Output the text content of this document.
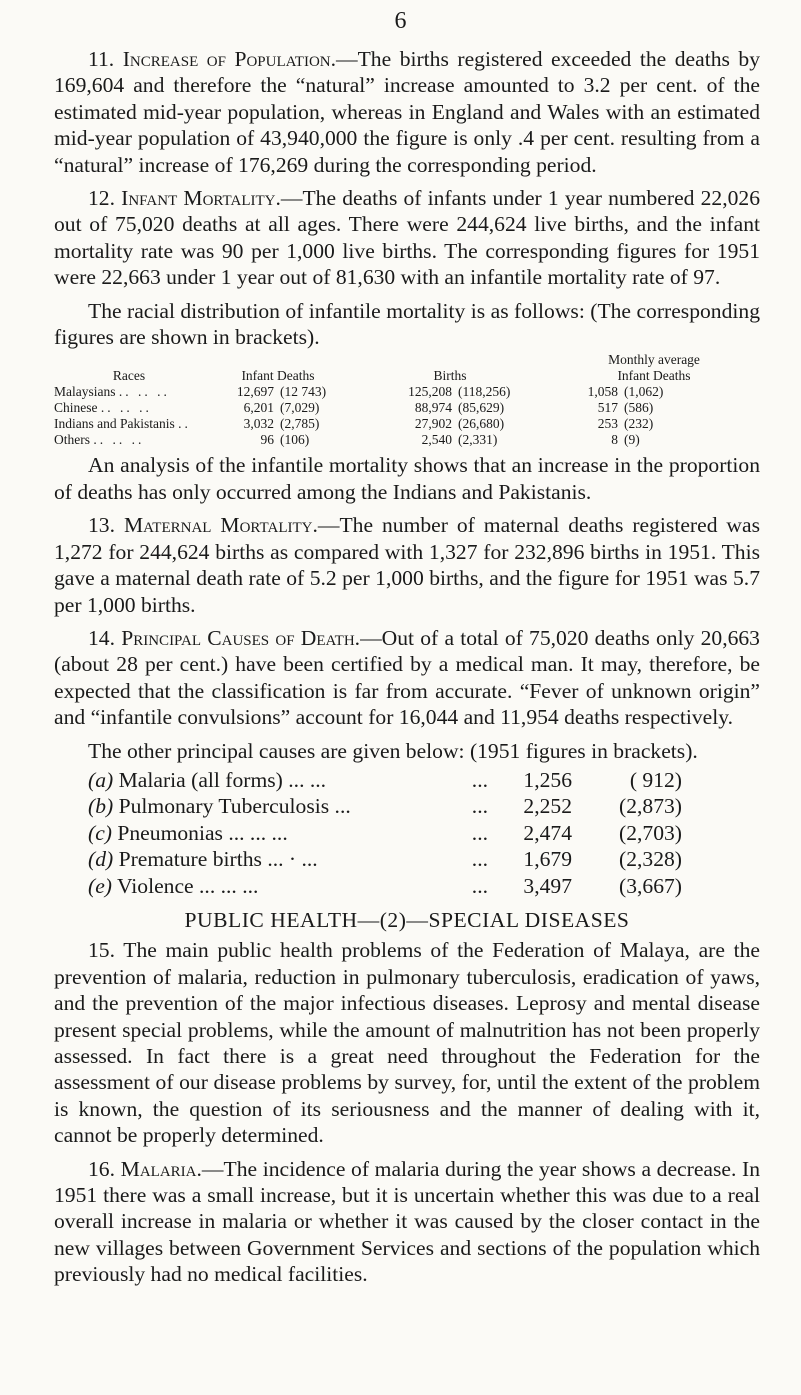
6

11. Increase of Population.—The births registered exceeded the deaths by 169,604 and therefore the “natural” increase amounted to 3.2 per cent. of the estimated mid-year population, whereas in England and Wales with an estimated mid-year population of 43,940,000 the figure is only .4 per cent. resulting from a “natural” increase of 176,269 during the corresponding period.

12. Infant Mortality.—The deaths of infants under 1 year numbered 22,026 out of 75,020 deaths at all ages. There were 244,624 live births, and the infant mortality rate was 90 per 1,000 live births. The corresponding figures for 1951 were 22,663 under 1 year out of 81,630 with an infantile mortality rate of 97.

The racial distribution of infantile mortality is as follows: (The corresponding figures are shown in brackets).

Races	Infant Deaths		Births		Monthly average
Infant Deaths	
Malaysians .. .. ..	12,697	(12 743)	125,208	(118,256)	1,058	(1,062)
Chinese .. .. ..	6,201	(7,029)	88,974	(85,629)	517	(586)
Indians and Pakistanis ..	3,032	(2,785)	27,902	(26,680)	253	(232)
Others .. .. ..	96	(106)	2,540	(2,331)	8	(9)

An analysis of the infantile mortality shows that an increase in the proportion of deaths has only occurred among the Indians and Pakistanis.

13. Maternal Mortality.—The number of maternal deaths registered was 1,272 for 244,624 births as compared with 1,327 for 232,896 births in 1951. This gave a maternal death rate of 5.2 per 1,000 births, and the figure for 1951 was 5.7 per 1,000 births.

14. Principal Causes of Death.—Out of a total of 75,020 deaths only 20,663 (about 28 per cent.) have been certified by a medical man. It may, therefore, be expected that the classification is far from accurate. “Fever of unknown origin” and “infantile convulsions” account for 16,044 and 11,954 deaths respectively.

The other principal causes are given below: (1951 figures in brackets).

(a) Malaria (all forms) ... ...	...	1,256	( 912)
(b) Pulmonary Tuberculosis ...	...	2,252	(2,873)
(c) Pneumonias ... ... ...	...	2,474	(2,703)
(d) Premature births ... · ...	...	1,679	(2,328)
(e) Violence ... ... ...	...	3,497	(3,667)
PUBLIC HEALTH—(2)—SPECIAL DISEASES

15. The main public health problems of the Federation of Malaya, are the prevention of malaria, reduction in pulmonary tuberculosis, eradication of yaws, and the prevention of the major infectious diseases. Leprosy and mental disease present special problems, while the amount of malnutrition has not been properly assessed. In fact there is a great need throughout the Federation for the assessment of our disease problems by survey, for, until the extent of the problem is known, the question of its seriousness and the manner of dealing with it, cannot be properly determined.

16. Malaria.—The incidence of malaria during the year shows a decrease. In 1951 there was a small increase, but it is uncertain whether this was due to a real overall increase in malaria or whether it was caused by the closer contact in the new villages between Government Services and sections of the population which previously had no medical facilities.
